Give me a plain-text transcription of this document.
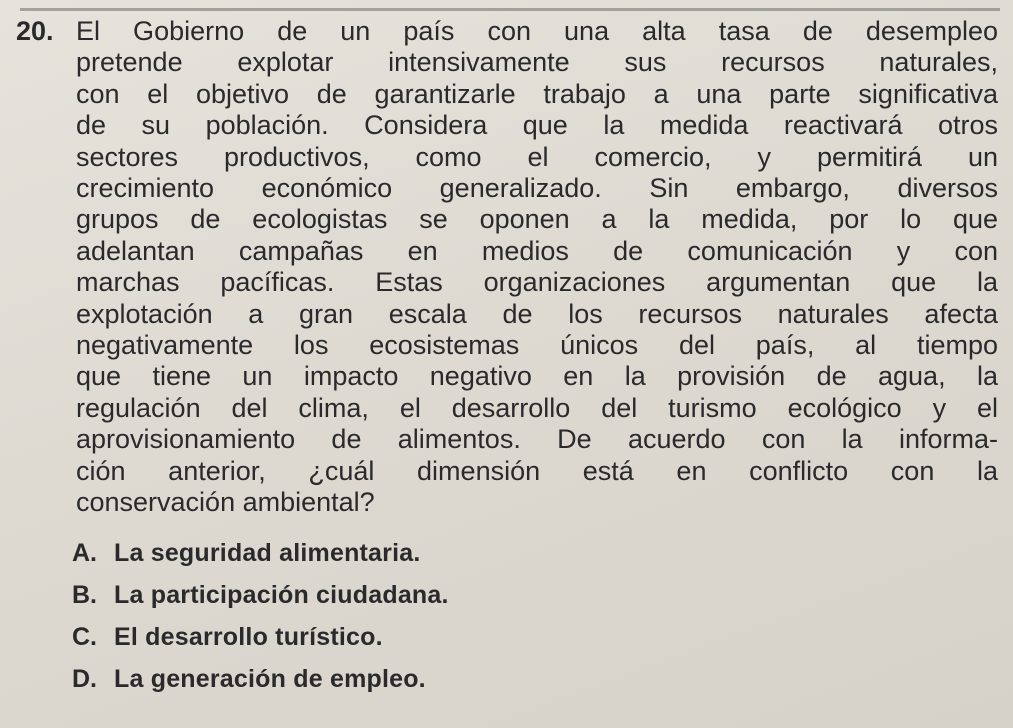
20. El Gobierno de un país con una alta tasa de desempleo
pretende explotar intensivamente sus recursos naturales,
con el objetivo de garantizarle trabajo a una parte significativa
de su población. Considera que la medida reactivará otros
sectores productivos, como el comercio, y permitirá un
crecimiento económico generalizado. Sin embargo, diversos
grupos de ecologistas se oponen a la medida, por lo que
adelantan campañas en medios de comunicación y con
marchas pacíficas. Estas organizaciones argumentan que la
explotación a gran escala de los recursos naturales afecta
negativamente los ecosistemas únicos del país, al tiempo
que tiene un impacto negativo en la provisión de agua, la
regulación del clima, el desarrollo del turismo ecológico y el
aprovisionamiento de alimentos. De acuerdo con la informa-
ción anterior, ¿cuál dimensión está en conflicto con la
conservación ambiental?
A. La seguridad alimentaria.
B. La participación ciudadana.
C. El desarrollo turístico.
D. La generación de empleo.
